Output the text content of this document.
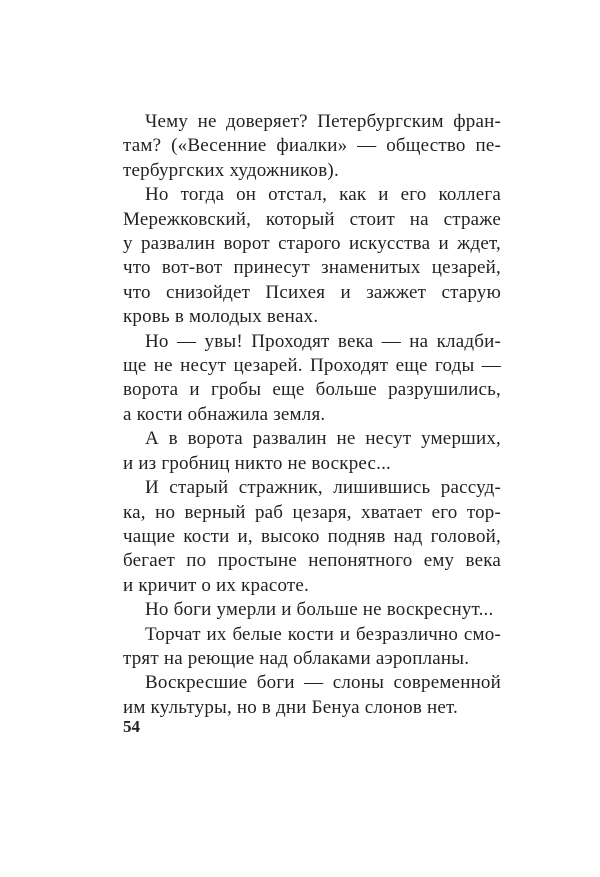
Чему не доверяет? Петербургским фран-
там? («Весенние фиалки» — общество пе-
тербургских художников).

Но тогда он отстал, как и его коллега
Мережковский, который стоит на страже
у развалин ворот старого искусства и ждет,
что вот-вот принесут знаменитых цезарей,
что снизойдет Психея и зажжет старую
кровь в молодых венах.

Но — увы! Проходят века — на кладби-
ще не несут цезарей. Проходят еще годы —
ворота и гробы еще больше разрушились,
а кости обнажила земля.

А в ворота развалин не несут умерших,
и из гробниц никто не воскрес...

И старый стражник, лишившись рассуд-
ка, но верный раб цезаря, хватает его тор-
чащие кости и, высоко подняв над головой,
бегает по простыне непонятного ему века
и кричит о их красоте.

Но боги умерли и больше не воскреснут...

Торчат их белые кости и безразлично смо-
трят на реющие над облаками аэропланы.

Воскресшие боги — слоны современной
им культуры, но в дни Бенуа слонов нет.

54
